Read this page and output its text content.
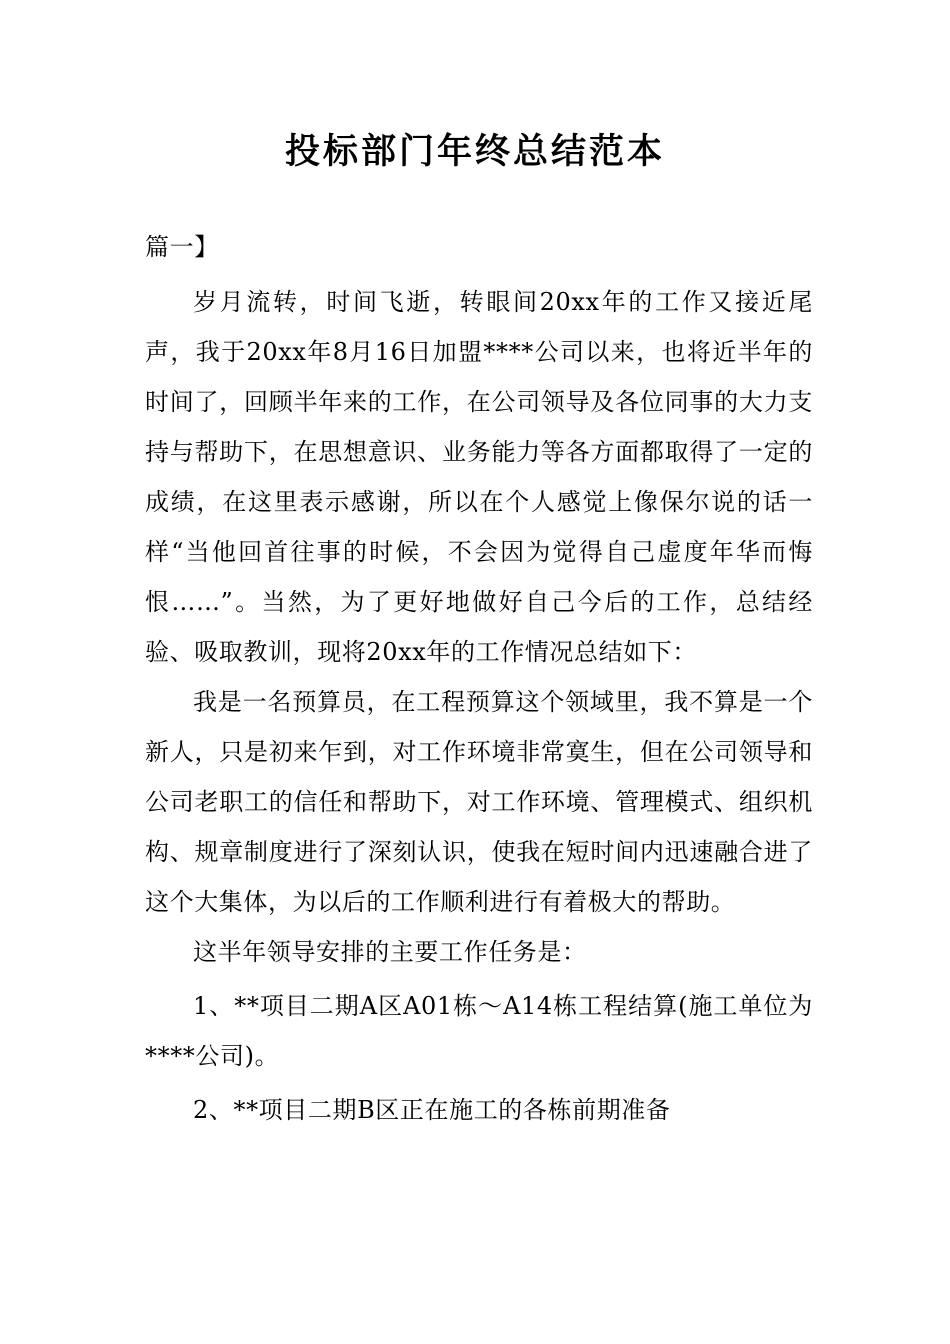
投标部门年终总结范本
篇一】

岁月流转，时间飞逝，转眼间20xx年的工作又接近尾声，我于20xx年8月16日加盟****公司以来，也将近半年的时间了，回顾半年来的工作，在公司领导及各位同事的大力支持与帮助下，在思想意识、业务能力等各方面都取得了一定的成绩，在这里表示感谢，所以在个人感觉上像保尔说的话一样“当他回首往事的时候，不会因为觉得自己虚度年华而悔恨……”。当然，为了更好地做好自己今后的工作，总结经验、吸取教训，现将20xx年的工作情况总结如下：

我是一名预算员，在工程预算这个领域里，我不算是一个新人，只是初来乍到，对工作环境非常寞生，但在公司领导和公司老职工的信任和帮助下，对工作环境、管理模式、组织机构、规章制度进行了深刻认识，使我在短时间内迅速融合进了这个大集体，为以后的工作顺利进行有着极大的帮助。

这半年领导安排的主要工作任务是：

1、**项目二期A区A01栋～A14栋工程结算(施工单位为****公司)。

2、**项目二期B区正在施工的各栋前期准备
